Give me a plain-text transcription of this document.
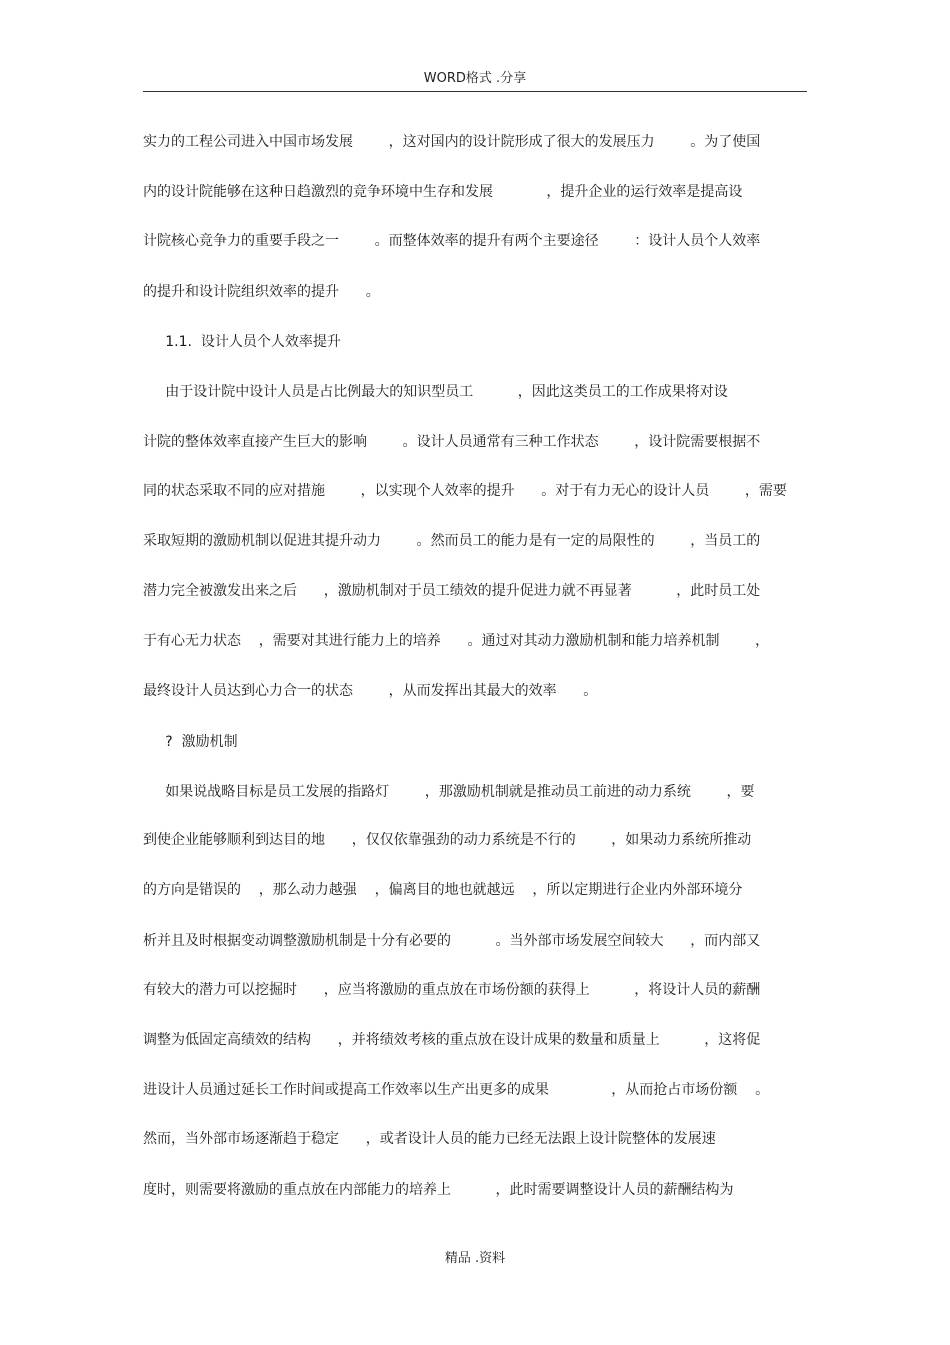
WORD格式 .分享
实力的工程公司进入中国市场发展        ，这对国内的设计院形成了很大的发展压力        。为了使国
内的设计院能够在这种日趋激烈的竞争环境中生存和发展            ，提升企业的运行效率是提高设
计院核心竞争力的重要手段之一        。而整体效率的提升有两个主要途径        ：设计人员个人效率
的提升和设计院组织效率的提升      。
1.1.  设计人员个人效率提升
由于设计院中设计人员是占比例最大的知识型员工          ，因此这类员工的工作成果将对设
计院的整体效率直接产生巨大的影响        。设计人员通常有三种工作状态        ，设计院需要根据不
同的状态采取不同的应对措施        ，以实现个人效率的提升      。对于有力无心的设计人员        ，需要
采取短期的激励机制以促进其提升动力        。然而员工的能力是有一定的局限性的        ，当员工的
潜力完全被激发出来之后      ，激励机制对于员工绩效的提升促进力就不再显著          ，此时员工处
于有心无力状态    ，需要对其进行能力上的培养      。通过对其动力激励机制和能力培养机制        ，
最终设计人员达到心力合一的状态        ，从而发挥出其最大的效率      。
?  激励机制
如果说战略目标是员工发展的指路灯        ，那激励机制就是推动员工前进的动力系统        ，要
到使企业能够顺利到达目的地      ，仅仅依靠强劲的动力系统是不行的        ，如果动力系统所推动
的方向是错误的    ，那么动力越强    ，偏离目的地也就越远    ，所以定期进行企业内外部环境分
析并且及时根据变动调整激励机制是十分有必要的          。当外部市场发展空间较大      ，而内部又
有较大的潜力可以挖掘时      ，应当将激励的重点放在市场份额的获得上          ，将设计人员的薪酬
调整为低固定高绩效的结构      ，并将绩效考核的重点放在设计成果的数量和质量上          ，这将促
进设计人员通过延长工作时间或提高工作效率以生产出更多的成果              ，从而抢占市场份额    。
然而，当外部市场逐渐趋于稳定      ，或者设计人员的能力已经无法跟上设计院整体的发展速
度时，则需要将激励的重点放在内部能力的培养上          ，此时需要调整设计人员的薪酬结构为
精品 .资料
